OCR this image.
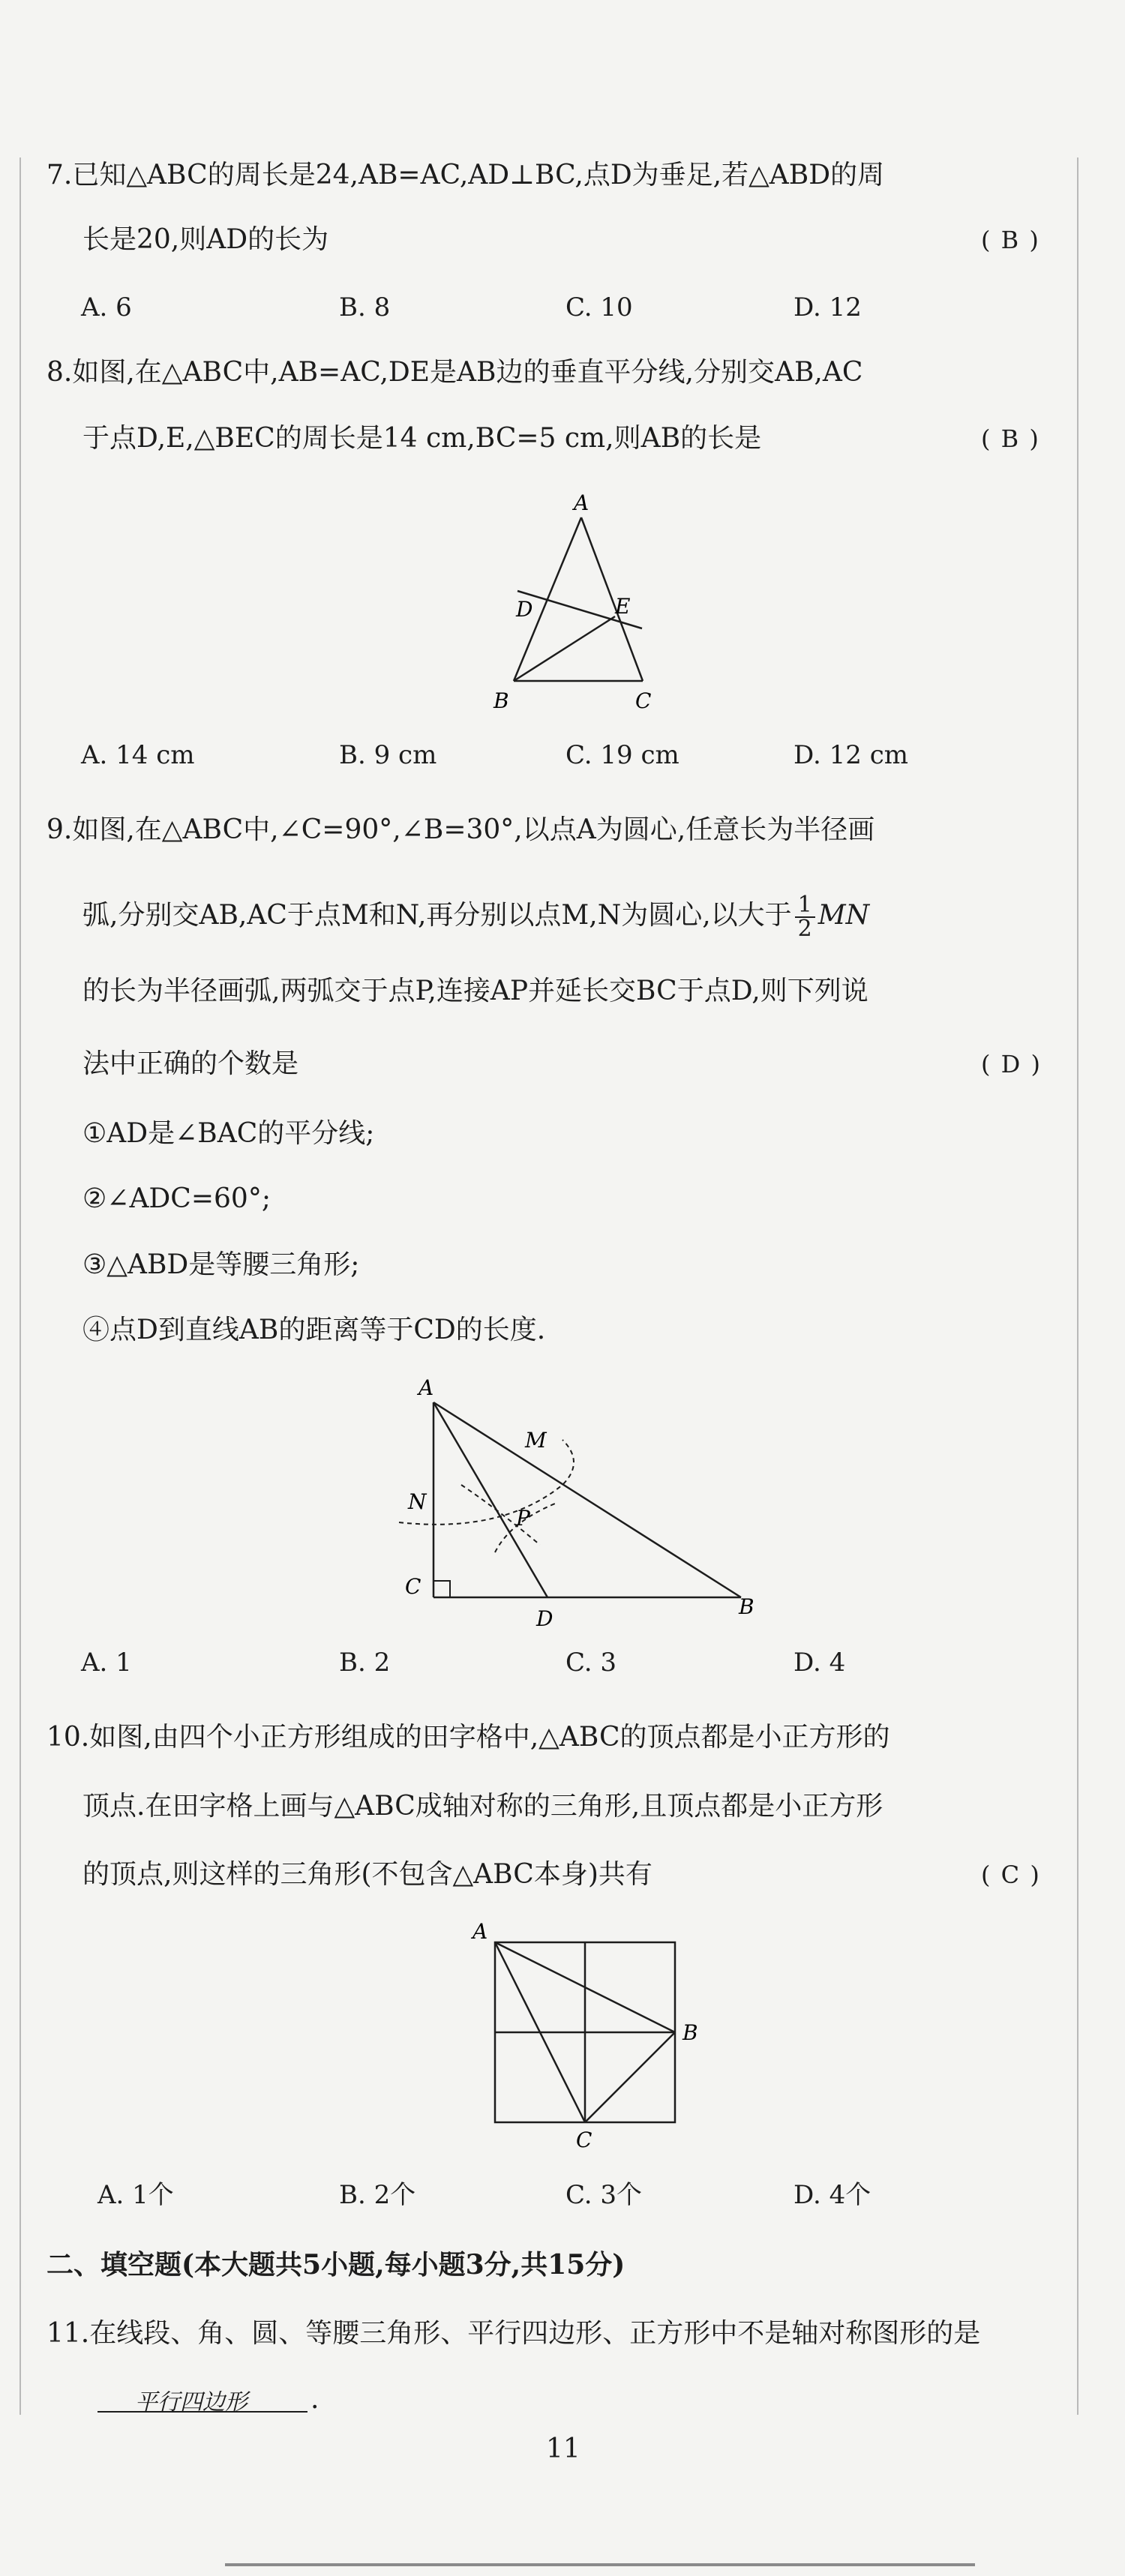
7.已知△ABC的周长是24,AB=AC,AD⊥BC,点D为垂足,若△ABD的周
长是20,则AD的长为	( B )
A. 6	B. 8	C. 10	D. 12
8.如图,在△ABC中,AB=AC,DE是AB边的垂直平分线,分别交AB,AC
于点D,E,△BEC的周长是14 cm,BC=5 cm,则AB的长是	( B )
A
B	C
D	E
A. 14 cm	B. 9 cm	C. 19 cm	D. 12 cm
9.如图,在△ABC中,∠C=90°,∠B=30°,以点A为圆心,任意长为半径画
弧,分别交AB,AC于点M和N,再分别以点M,N为圆心,以大于 $\frac{1}{2}$ MN
的长为半径画弧,两弧交于点P,连接AP并延长交BC于点D,则下列说
法中正确的个数是	( D )
①AD是∠BAC的平分线;
②∠ADC=60°;
③△ABD是等腰三角形;
④点D到直线AB的距离等于CD的长度.
A
C
D	B
N
M
P
A. 1	B. 2	C. 3	D. 4
10.如图,由四个小正方形组成的田字格中,△ABC的顶点都是小正方形的
顶点.在田字格上画与△ABC成轴对称的三角形,且顶点都是小正方形
的顶点,则这样的三角形(不包含△ABC本身)共有	( C )
A
B
C
A. 1个	B. 2个	C. 3个	D. 4个
二、填空题(本大题共5小题,每小题3分,共15分)
11.在线段、角、圆、等腰三角形、平行四边形、正方形中不是轴对称图形的是
平行四边形 .
11
